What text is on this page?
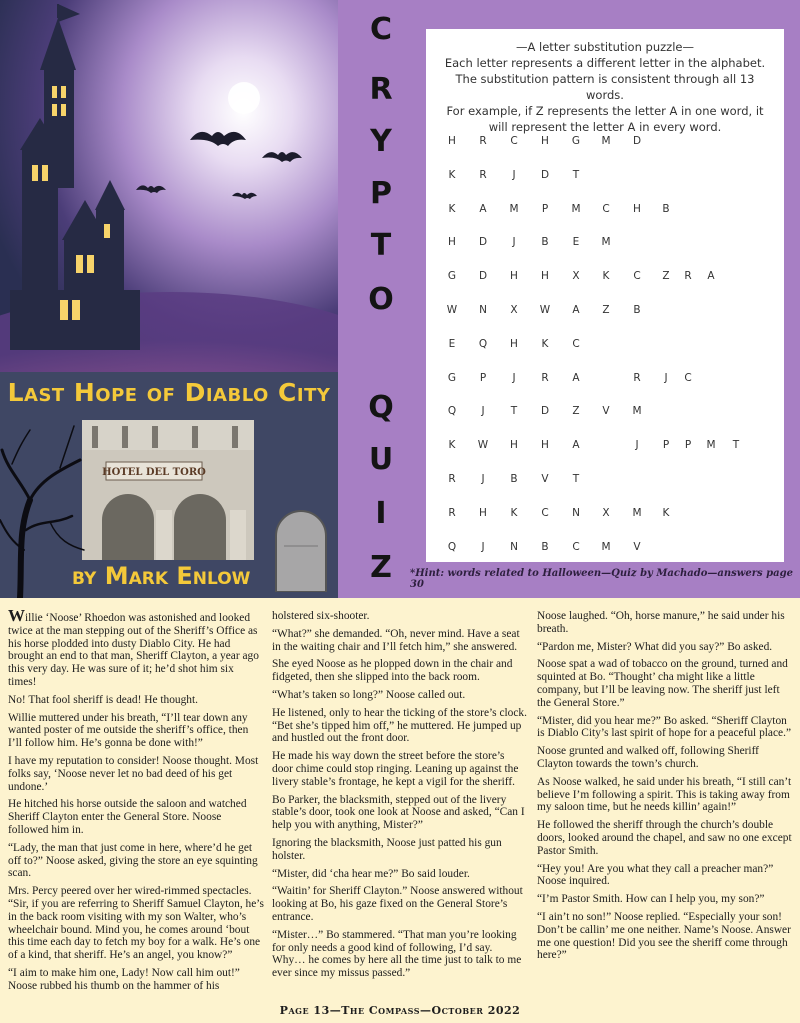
Last Hope of Diablo City
HOTEL DEL TORO
by Mark Enlow
C
R
Y
P
T
O
Q
U
I
Z
—A letter substitution puzzle—
Each letter represents a different letter in the alphabet.
The substitution pattern is consistent through all 13 words.
For example, if Z represents the letter A in one word, it will represent the letter A in every word.
H	R	C	H G M D
K	R	J	D	T
K	A	M	P	M	C	H	B
H D	J	B	E	M
G D H H	X	K	C	Z	R	A
W N	X	W	A	Z	B
E	Q H	K	C
G	P	J	R	A	R	J	C
Q	J	T	D	Z	V	M
K	W H H	A	J	P	P	M	T
R	J	B	V	T
R	H	K	C	N	X	M	K
Q	J	N	B	C	M	V
*Hint: words related to Halloween—Quiz by Machado—answers page 30

Willie ‘Noose’ Rhoedon was astonished and looked twice at the man stepping out of the Sheriff’s Office as his horse plodded into dusty Diablo City. He had brought an end to that man, Sheriff Clayton, a year ago this very day. He was sure of it; he’d shot him six times!

No! That fool sheriff is dead! He thought.

Willie muttered under his breath, “I’ll tear down any wanted poster of me outside the sheriff’s office, then I’ll follow him. He’s gonna be done with!”

I have my reputation to consider! Noose thought. Most folks say, ‘Noose never let no bad deed of his get undone.’

He hitched his horse outside the saloon and watched Sheriff Clayton enter the General Store. Noose followed him in.

“Lady, the man that just come in here, where’d he get off to?” Noose asked, giving the store an eye squinting scan.

Mrs. Percy peered over her wired-rimmed spectacles. “Sir, if you are referring to Sheriff Samuel Clayton, he’s in the back room visiting with my son Walter, who’s wheelchair bound. Mind you, he comes around ‘bout this time each day to fetch my boy for a walk. He’s one of a kind, that sheriff. He’s an angel, you know?”

“I aim to make him one, Lady! Now call him out!” Noose rubbed his thumb on the hammer of his

holstered six-shooter.

“What?” she demanded. “Oh, never mind. Have a seat in the waiting chair and I’ll fetch him,” she answered.

She eyed Noose as he plopped down in the chair and fidgeted, then she slipped into the back room.

“What’s taken so long?” Noose called out.

He listened, only to hear the ticking of the store’s clock. “Bet she’s tipped him off,” he muttered. He jumped up and hustled out the front door.

He made his way down the street before the store’s door chime could stop ringing. Leaning up against the livery stable’s frontage, he kept a vigil for the sheriff.

Bo Parker, the blacksmith, stepped out of the livery stable’s door, took one look at Noose and asked, “Can I help you with anything, Mister?”

Ignoring the blacksmith, Noose just patted his gun holster.

“Mister, did ‘cha hear me?” Bo said louder.

“Waitin’ for Sheriff Clayton.” Noose answered without looking at Bo, his gaze fixed on the General Store’s entrance.

“Mister…” Bo stammered. “That man you’re looking for only needs a good kind of following, I’d say. Why… he comes by here all the time just to talk to me ever since my missus passed.”

Noose laughed. “Oh, horse manure,” he said under his breath.

“Pardon me, Mister? What did you say?” Bo asked.

Noose spat a wad of tobacco on the ground, turned and squinted at Bo. “Thought’ cha might like a little company, but I’ll be leaving now. The sheriff just left the General Store.”

“Mister, did you hear me?” Bo asked. “Sheriff Clayton is Diablo City’s last spirit of hope for a peaceful place.”

Noose grunted and walked off, following Sheriff Clayton towards the town’s church.

As Noose walked, he said under his breath, “I still can’t believe I’m following a spirit. This is taking away from my saloon time, but he needs killin’ again!”

He followed the sheriff through the church’s double doors, looked around the chapel, and saw no one except Pastor Smith.

“Hey you! Are you what they call a preacher man?” Noose inquired.

“I’m Pastor Smith. How can I help you, my son?”

“I ain’t no son!” Noose replied. “Especially your son! Don’t be callin’ me one neither. Name’s Noose. Answer me one question! Did you see the sheriff come through here?”

Page 13—The Compass—October 2022
